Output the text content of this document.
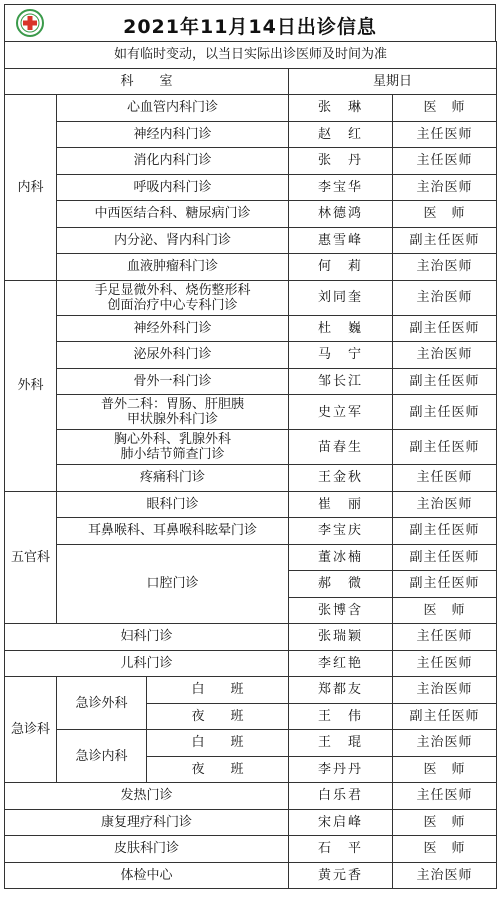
2021年11月14日出诊信息
如有临时变动，以当日实际出诊医师及时间为准				
科　　室			星期日	
内科	心血管内科门诊		张　琳	医　师
	神经内科门诊		赵　红	主任医师
	消化内科门诊		张　丹	主任医师
	呼吸内科门诊		李宝华	主治医师
	中西医结合科、糖尿病门诊		林德鸿	医　师
	内分泌、肾内科门诊		惠雪峰	副主任医师
	血液肿瘤科门诊		何　莉	主治医师
外科	手足显微外科、烧伤整形科
创面治疗中心专科门诊		刘同奎	主治医师
	神经外科门诊		杜　巍	副主任医师
	泌尿外科门诊		马　宁	主治医师
	骨外一科门诊		邹长江	副主任医师

	普外二科：胃肠、肝胆胰
甲状腺外科门诊		史立军	副主任医师

	胸心外科、乳腺外科
肺小结节筛查门诊		苗春生	副主任医师
	疼痛科门诊		王金秋	主任医师
五官科	眼科门诊		崔　丽	主治医师
	耳鼻喉科、耳鼻喉科眩晕门诊		李宝庆	副主任医师
	口腔门诊		董冰楠	副主任医师
			郝　微	副主任医师
			张博含	医　师
妇科门诊			张瑞颖	主任医师
儿科门诊			李红艳	主任医师
急诊科	急诊外科	白　　班	郑都友	主治医师
		夜　　班	王　伟	副主任医师
	急诊内科	白　　班	王　琨	主治医师
		夜　　班	李丹丹	医　师
发热门诊			白乐君	主任医师
康复理疗科门诊			宋启峰	医　师
皮肤科门诊			石　平	医　师
体检中心			黄元香	主治医师
